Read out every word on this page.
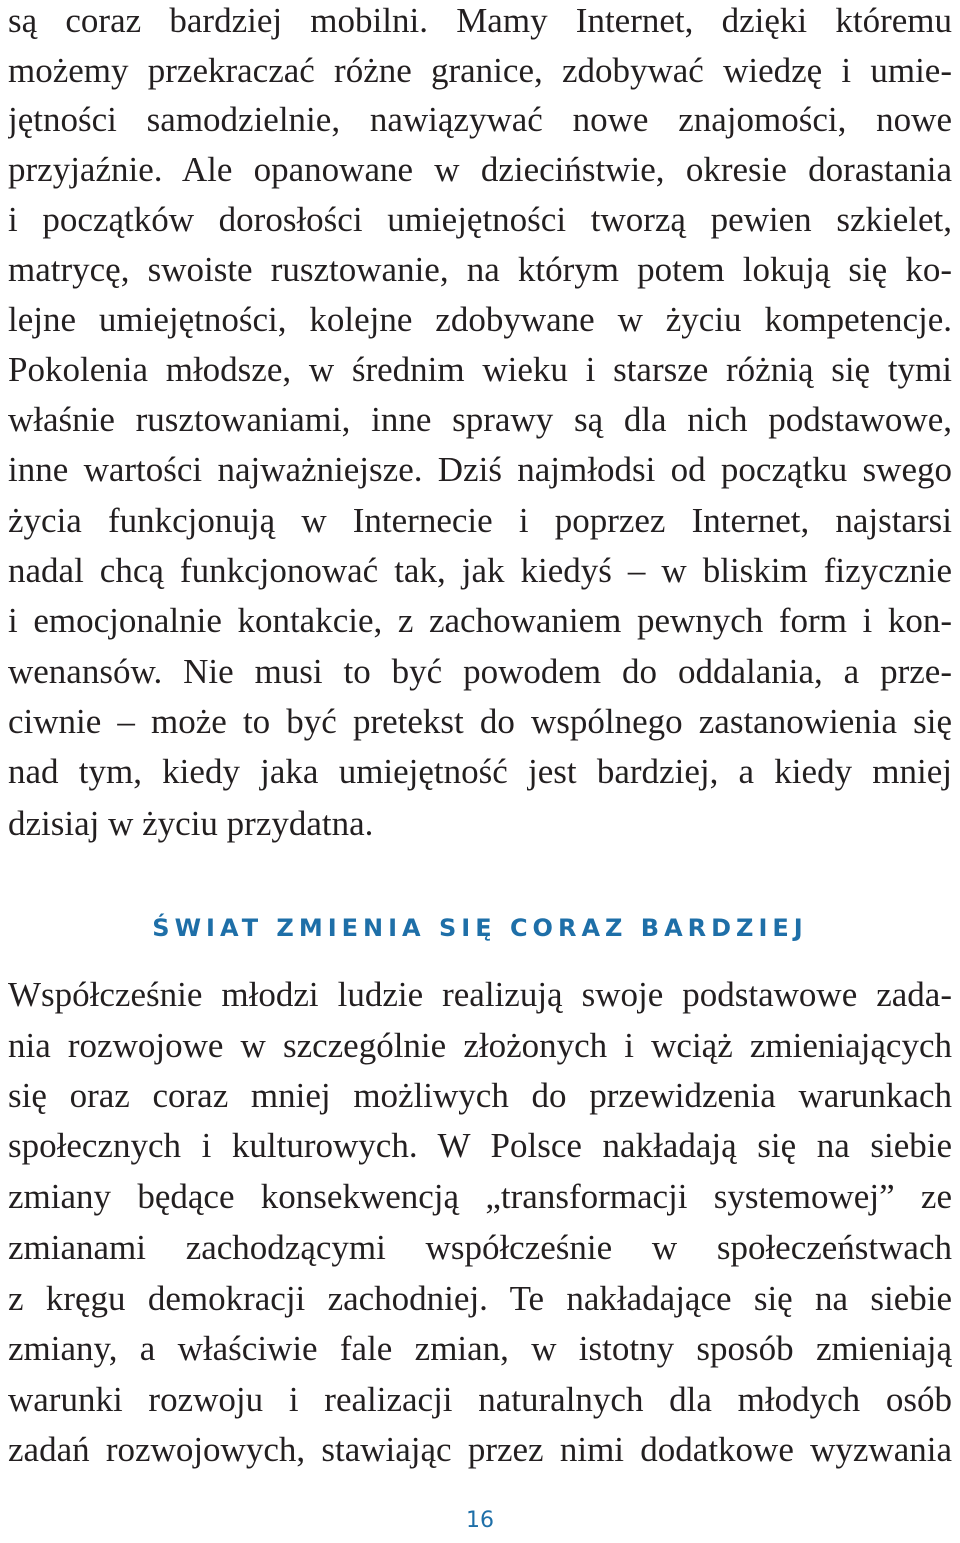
są coraz bardziej mobilni. Mamy Internet, dzięki któremu
możemy przekraczać różne granice, zdobywać wiedzę i umie-
jętności samodzielnie, nawiązywać nowe znajomości, nowe
przyjaźnie. Ale opanowane w dzieciństwie, okresie dorastania
i początków dorosłości umiejętności tworzą pewien szkielet,
matrycę, swoiste rusztowanie, na którym potem lokują się ko-
lejne umiejętności, kolejne zdobywane w życiu kompetencje.
Pokolenia młodsze, w średnim wieku i starsze różnią się tymi
właśnie rusztowaniami, inne sprawy są dla nich podstawowe,
inne wartości najważniejsze. Dziś najmłodsi od początku swego
życia funkcjonują w Internecie i poprzez Internet, najstarsi
nadal chcą funkcjonować tak, jak kiedyś – w bliskim fizycznie
i emocjonalnie kontakcie, z zachowaniem pewnych form i kon-
wenansów. Nie musi to być powodem do oddalania, a prze-
ciwnie – może to być pretekst do wspólnego zastanowienia się
nad tym, kiedy jaka umiejętność jest bardziej, a kiedy mniej
dzisiaj w życiu przydatna.
ŚWIAT ZMIENIA SIĘ CORAZ BARDZIEJ
Współcześnie młodzi ludzie realizują swoje podstawowe zada-
nia rozwojowe w szczególnie złożonych i wciąż zmieniających
się oraz coraz mniej możliwych do przewidzenia warunkach
społecznych i kulturowych. W Polsce nakładają się na siebie
zmiany będące konsekwencją „transformacji systemowej” ze
zmianami zachodzącymi współcześnie w społeczeństwach
z kręgu demokracji zachodniej. Te nakładające się na siebie
zmiany, a właściwie fale zmian, w istotny sposób zmieniają
warunki rozwoju i realizacji naturalnych dla młodych osób
zadań rozwojowych, stawiając przez nimi dodatkowe wyzwania
16
